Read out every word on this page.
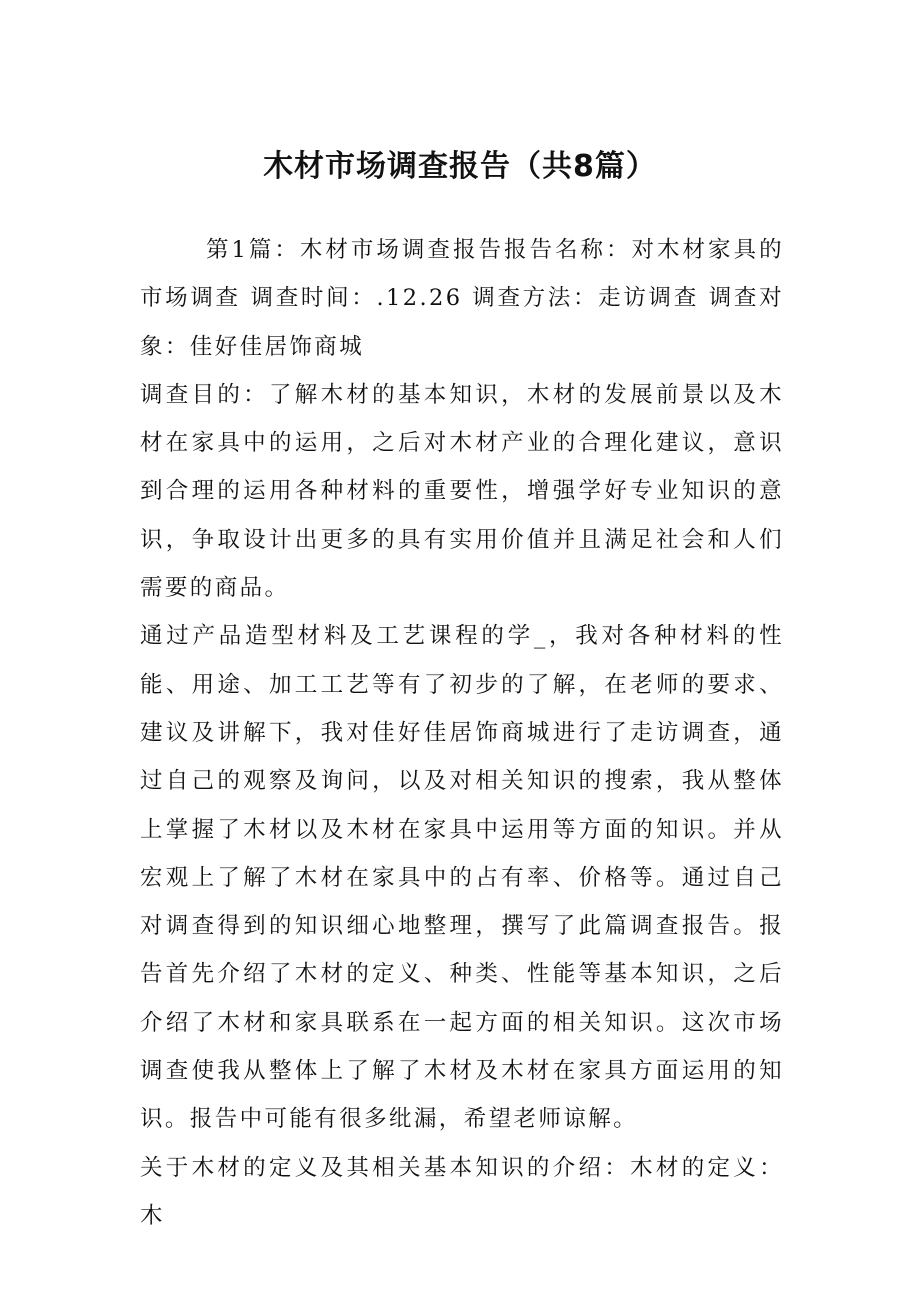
木材市场调查报告（共8篇）

第1篇：木材市场调查报告报告名称：对木材家具的市场调查 调查时间：.12.26 调查方法：走访调查 调查对象：佳好佳居饰商城

调查目的：了解木材的基本知识，木材的发展前景以及木材在家具中的运用，之后对木材产业的合理化建议，意识到合理的运用各种材料的重要性，增强学好专业知识的意识，争取设计出更多的具有实用价值并且满足社会和人们需要的商品。

通过产品造型材料及工艺课程的学_，我对各种材料的性能、用途、加工工艺等有了初步的了解，在老师的要求、建议及讲解下，我对佳好佳居饰商城进行了走访调查，通过自己的观察及询问，以及对相关知识的搜索，我从整体上掌握了木材以及木材在家具中运用等方面的知识。并从宏观上了解了木材在家具中的占有率、价格等。通过自己对调查得到的知识细心地整理，撰写了此篇调查报告。报告首先介绍了木材的定义、种类、性能等基本知识，之后介绍了木材和家具联系在一起方面的相关知识。这次市场调查使我从整体上了解了木材及木材在家具方面运用的知识。报告中可能有很多纰漏，希望老师谅解。

关于木材的定义及其相关基本知识的介绍：木材的定义：木
